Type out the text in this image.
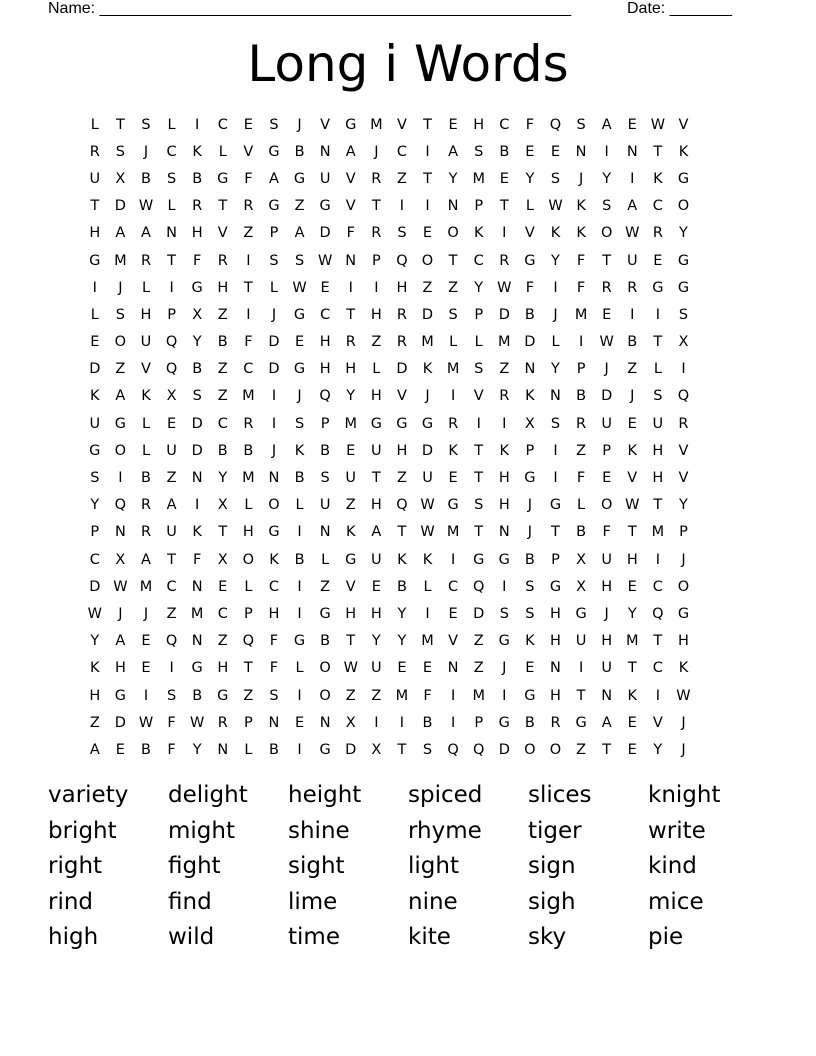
Name: _____________________________________________________	Date: _______
Long i Words
L	T	S	L	I	C	E	S	J	V	G M V	T	E	H	C	F	Q	S	A	E W V
R	S	J	C	K	L	V	G	B	N	A	J	C	I	A	S	B	E	E	N	I	N	T	K
U	X	B	S	B	G	F	A	G	U	V	R	Z	T	Y	M	E	Y	S	J	Y	I	K	G
T	D W L	R	T	R	G	Z	G	V	T	I	I	N	P	T	L W K	S	A	C	O
H	A	A	N	H	V	Z	P	A	D	F	R	S	E	O	K	I	V	K	K	O W R	Y
G M R	T	F	R	I	S	S W N	P	Q O	T	C	R	G	Y	F	T	U	E	G
I	J	L	I	G	H	T	L W E	I	I	H	Z	Z	Y W F	I	F	R	R	G G
L	S	H	P	X	Z	I	J	G	C	T	H	R	D	S	P	D	B	J	M	E	I	I	S
E	O	U	Q	Y	B	F	D	E	H	R	Z	R M	L	L	M D	L	I	W B	T	X
D	Z	V	Q	B	Z	C	D G	H	H	L	D	K	M	S	Z	N	Y	P	J	Z	L	I
K	A	K	X	S	Z M	I	J	Q	Y	H	V	J	I	V	R	K	N	B	D	J	S	Q
U	G	L	E	D	C	R	I	S	P	M G G G	R	I	I	X	S	R	U	E	U	R
G O	L	U	D	B	B	J	K	B	E	U	H	D	K	T	K	P	I	Z	P	K	H	V
S	I	B	Z	N	Y	M N	B	S	U	T	Z	U	E	T	H	G	I	F	E	V	H	V
Y	Q	R	A	I	X	L	O	L	U	Z	H Q W G	S	H	J	G	L	O W T	Y
P	N	R	U	K	T	H	G	I	N	K	A	T W M	T	N	J	T	B	F	T	M	P
C	X	A	T	F	X	O	K	B	L	G	U	K	K	I	G G	B	P	X	U	H	I	J
D W M C	N	E	L	C	I	Z	V	E	B	L	C	Q	I	S	G	X	H	E	C	O
W	J	J	Z M C	P	H	I	G	H	H	Y	I	E	D	S	S	H	G	J	Y	Q G
Y	A	E	Q N	Z	Q	F	G	B	T	Y	Y	M V	Z	G	K	H	U	H M	T	H
K	H	E	I	G	H	T	F	L	O W U	E	E	N	Z	J	E	N	I	U	T	C	K
H	G	I	S	B	G	Z	S	I	O	Z	Z M	F	I	M	I	G	H	T	N	K	I	W
Z	D W F W R	P	N	E	N	X	I	I	B	I	P	G	B	R	G	A	E	V	J
A	E	B	F	Y	N	L	B	I	G D	X	T	S	Q Q D O O	Z	T	E	Y	J
variety	delight	height	spiced	slices	knight
bright	might	shine	rhyme	tiger	write
right	fight	sight	light	sign	kind
rind	find	lime	nine	sigh	mice
high	wild	time	kite	sky	pie
